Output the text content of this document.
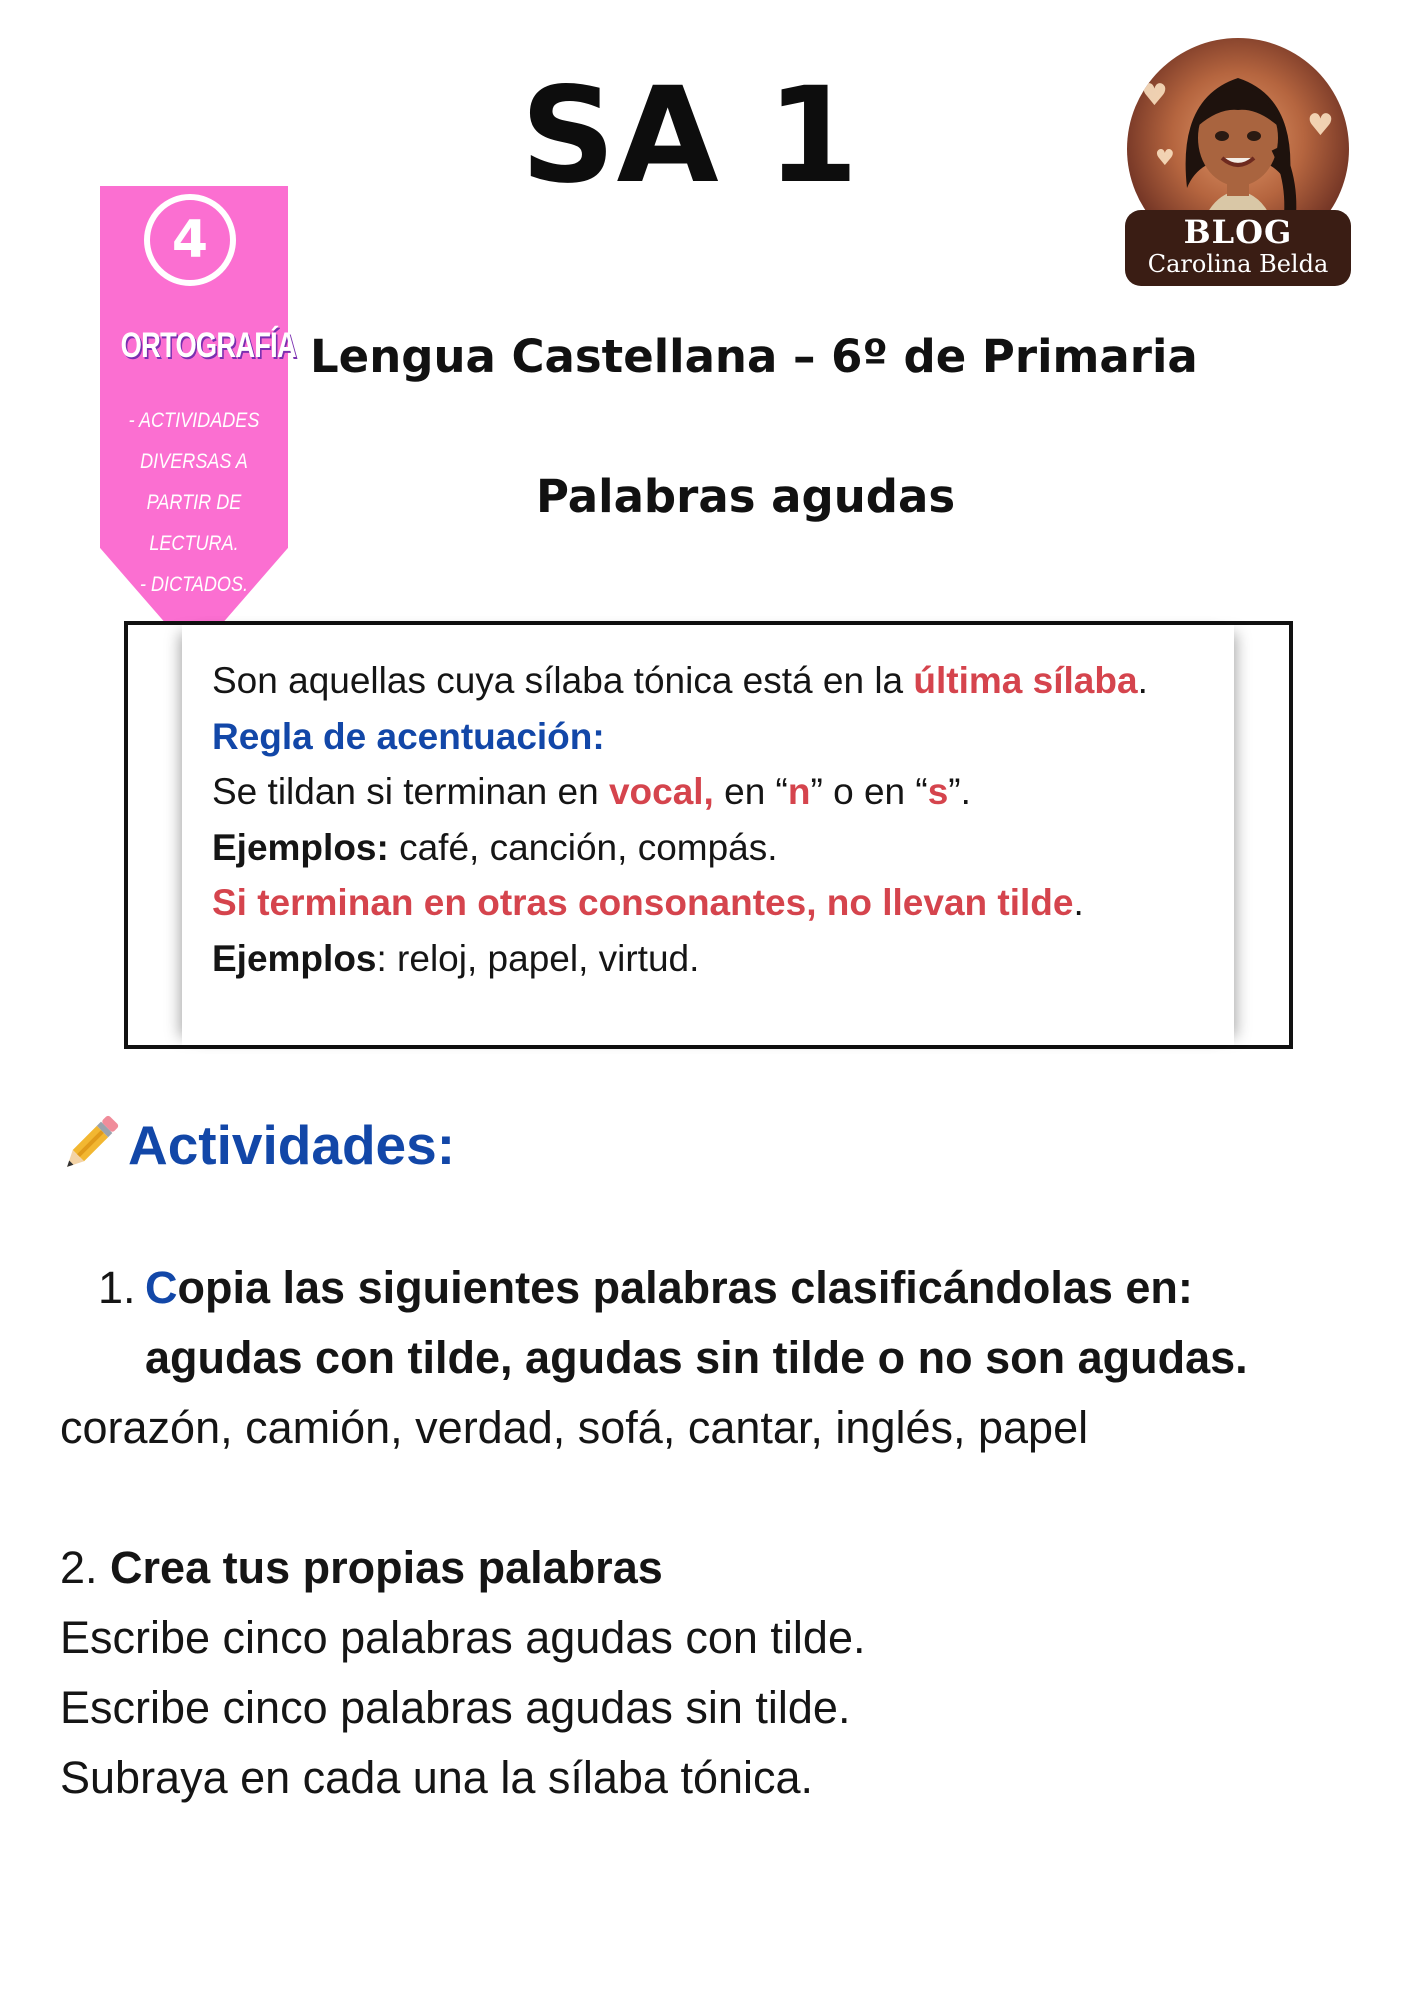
SA 1
4
ORTOGRAFÍA
- ACTIVIDADES
DIVERSAS A PARTIR DE
LECTURA.
- DICTADOS.
♥
♥
♥
BLOG
Carolina Belda
Lengua Castellana – 6º de Primaria
Palabras agudas
Son aquellas cuya sílaba tónica está en la última sílaba.
Regla de acentuación:
Se tildan si terminan en vocal, en “n” o en “s”.
Ejemplos: café, canción, compás.
Si terminan en otras consonantes, no llevan tilde.
Ejemplos: reloj, papel, virtud.
Actividades:
1. Copia las siguientes palabras clasificándolas en:
agudas con tilde, agudas sin tilde o no son agudas.
corazón, camión, verdad, sofá, cantar, inglés, papel
2. Crea tus propias palabras
Escribe cinco palabras agudas con tilde.
Escribe cinco palabras agudas sin tilde.
Subraya en cada una la sílaba tónica.
